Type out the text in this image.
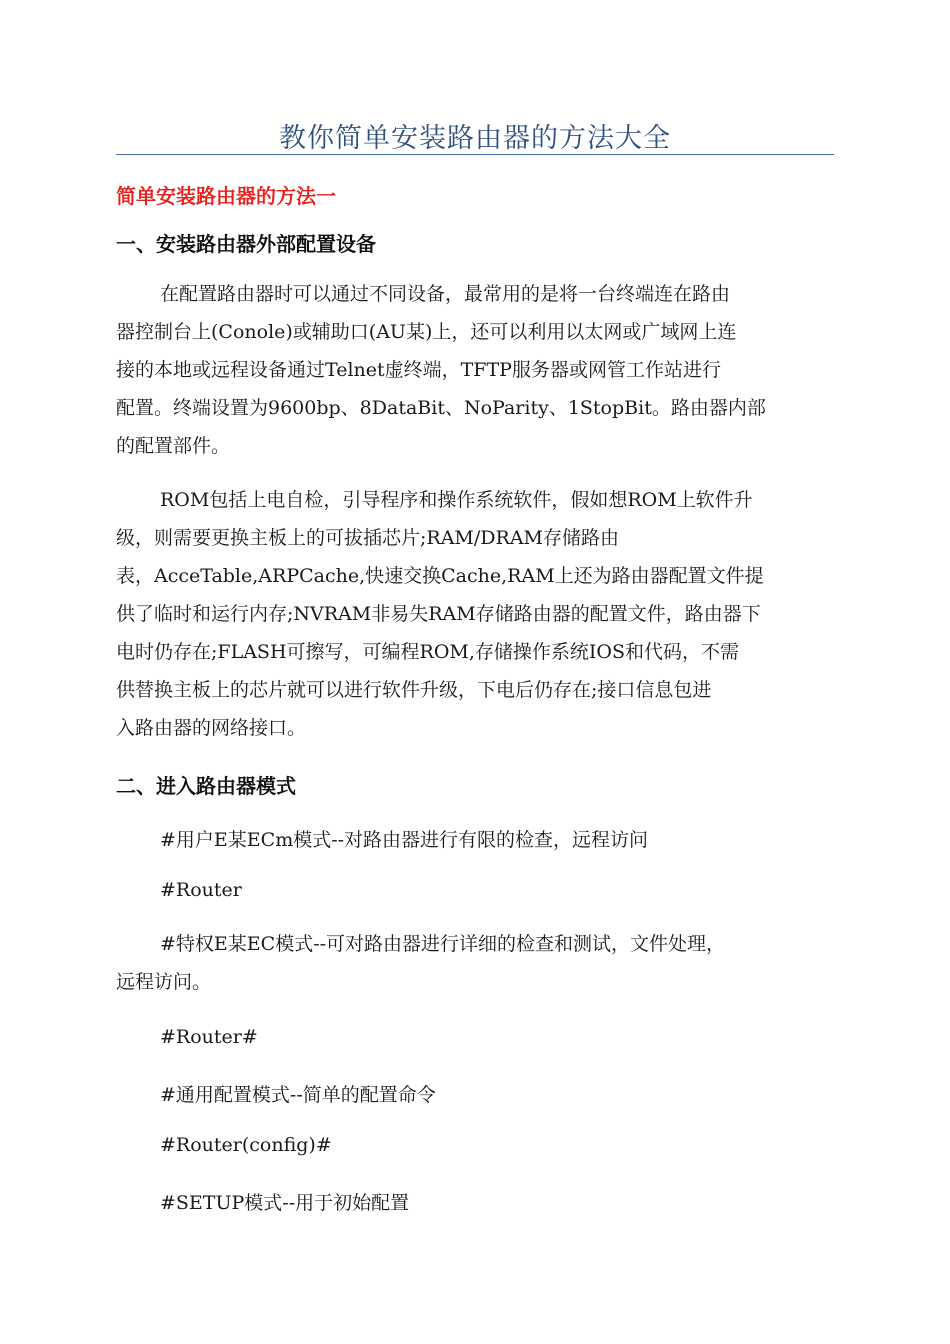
教你简单安装路由器的方法大全
简单安装路由器的方法一
一、安装路由器外部配置设备
在配置路由器时可以通过不同设备，最常用的是将一台终端连在路由
器控制台上(Conole)或辅助口(AU某)上，还可以利用以太网或广域网上连
接的本地或远程设备通过Telnet虚终端，TFTP服务器或网管工作站进行
配置。终端设置为9600bp、8DataBit、NoParity、1StopBit。路由器内部
的配置部件。
ROM包括上电自检，引导程序和操作系统软件，假如想ROM上软件升
级，则需要更换主板上的可拔插芯片;RAM/DRAM存储路由
表，AcceTable,ARPCache,快速交换Cache,RAM上还为路由器配置文件提
供了临时和运行内存;NVRAM非易失RAM存储路由器的配置文件，路由器下
电时仍存在;FLASH可擦写，可编程ROM,存储操作系统IOS和代码，不需
供替换主板上的芯片就可以进行软件升级，下电后仍存在;接口信息包进
入路由器的网络接口。
二、进入路由器模式
#用户E某ECm模式--对路由器进行有限的检查，远程访问
#Router
#特权E某EC模式--可对路由器进行详细的检查和测试，文件处理，
远程访问。
#Router#
#通用配置模式--简单的配置命令
#Router(config)#
#SETUP模式--用于初始配置
